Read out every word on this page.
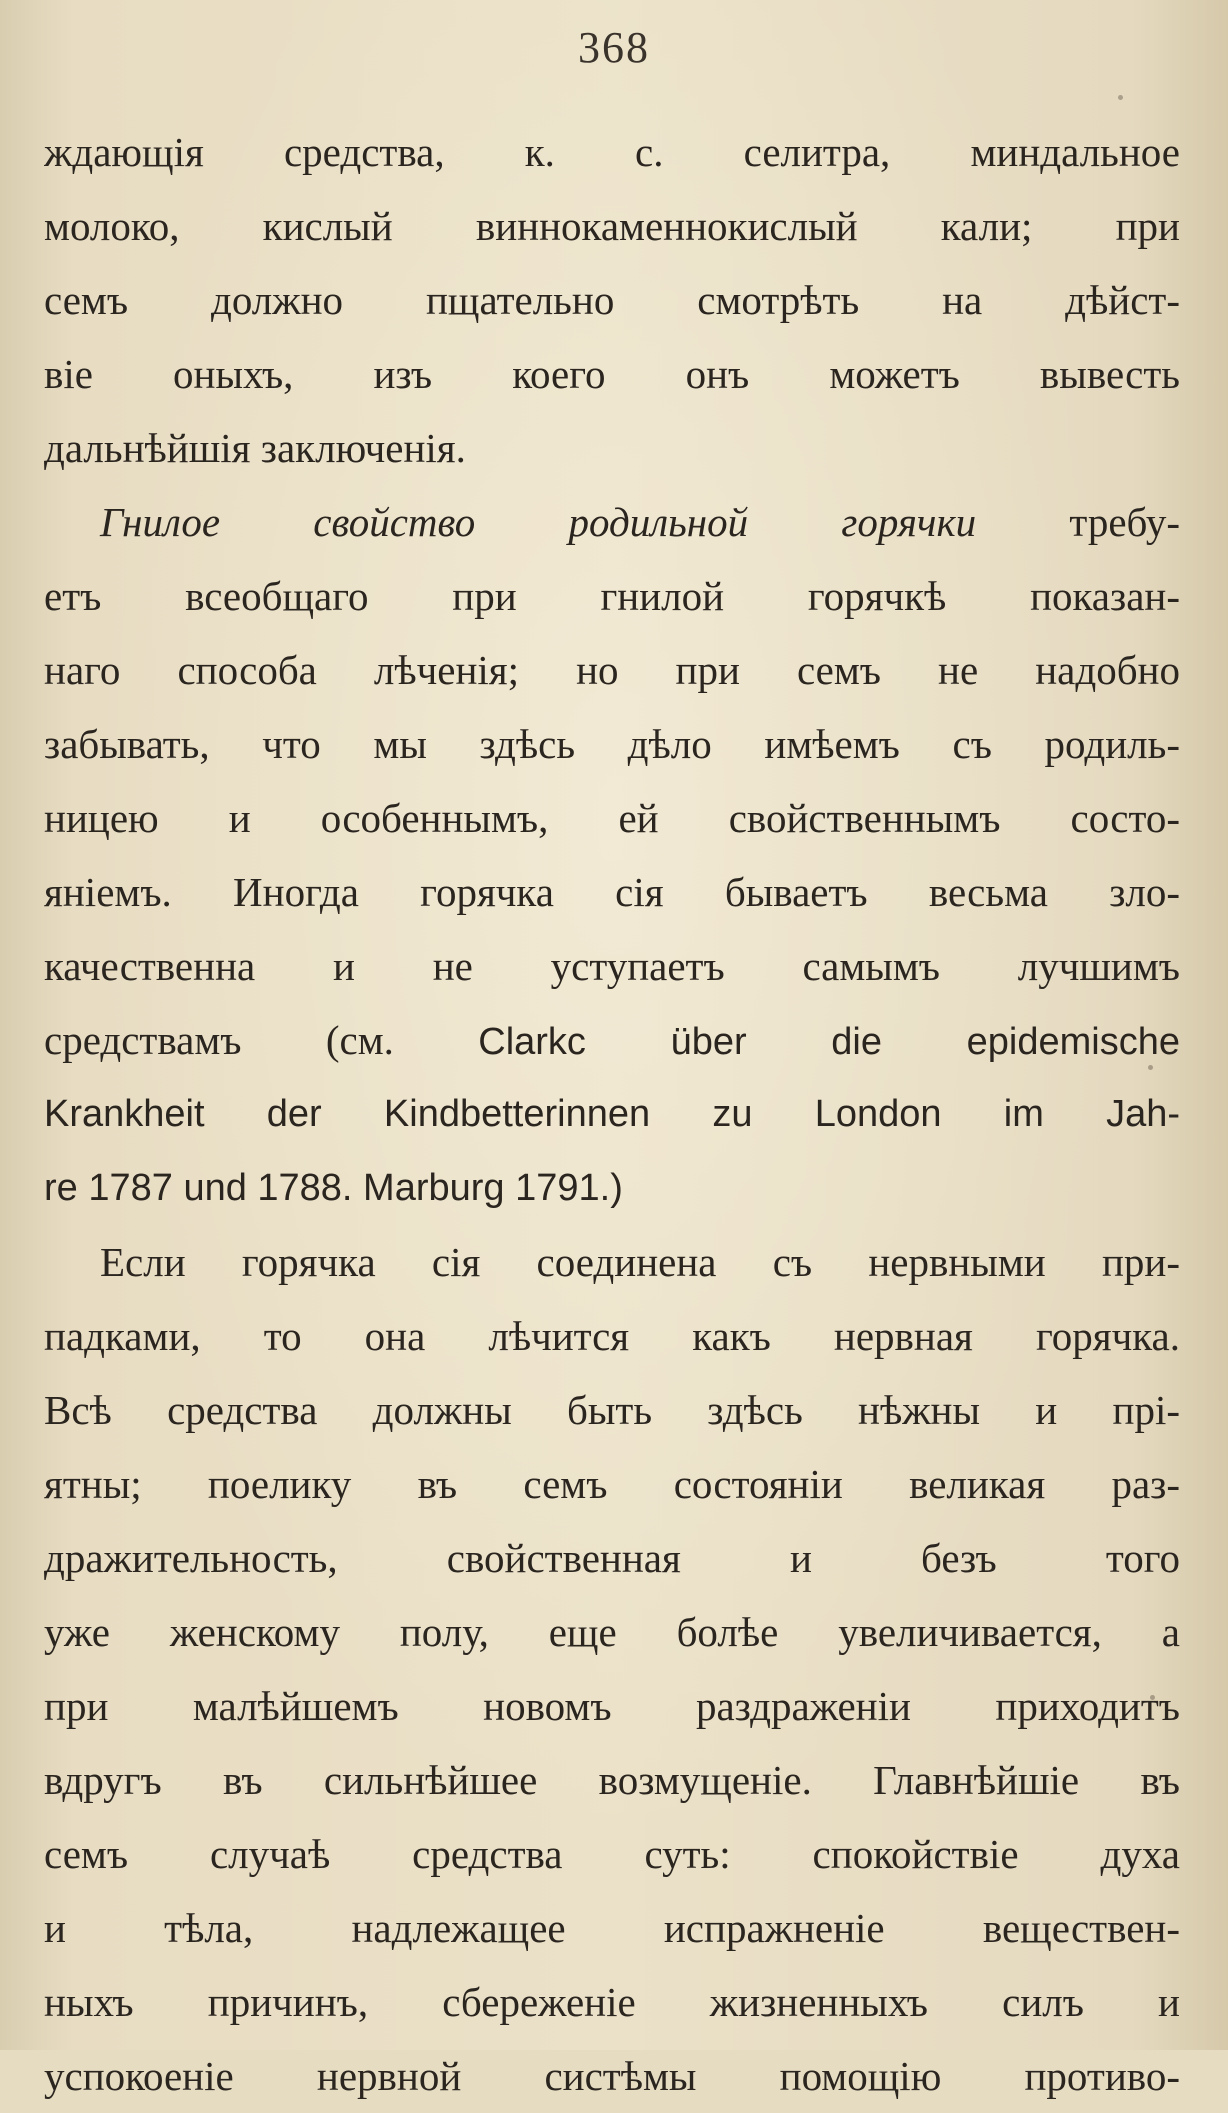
368
ждающія средства, к. с. селитра, миндальное
молоко, кислый виннокаменнокислый кали; при
семъ должно пщательно смотрѣть на дѣйст-
віе оныхъ, изъ коего онъ можетъ вывесть
дальнѣйшія заключенія.
Гнилое свойство родильной горячки требу-
етъ всеобщаго при гнилой горячкѣ показан-
наго способа лѣченія; но при семъ не надобно
забывать, что мы здѣсь дѣло имѣемъ съ родиль-
ницею и особеннымъ, ей свойственнымъ состо-
яніемъ. Иногда горячка сія бываетъ весьма зло-
качественна и не уступаетъ самымъ лучшимъ
средствамъ (см. Clarkc über die epidemische
Krankheit der Kindbetterinnen zu London im Jah-
re 1787 und 1788. Marburg 1791.)
Если горячка сія соединена съ нервными при-
падками, то она лѣчится какъ нервная горячка.
Всѣ средства должны быть здѣсь нѣжны и прі-
ятны; поелику въ семъ состояніи великая раз-
дражительность, свойственная и безъ того
уже женскому полу, еще болѣе увеличивается, а
при малѣйшемъ новомъ раздраженіи приходитъ
вдругъ въ сильнѣйшее возмущеніе. Главнѣйшіе въ
семъ случаѣ средства суть: спокойствіе духа
и тѣла, надлежащее испражненіе веществен-
ныхъ причинъ, сбереженіе жизненныхъ силъ и
успокоеніе нервной систѣмы помощію противо-
